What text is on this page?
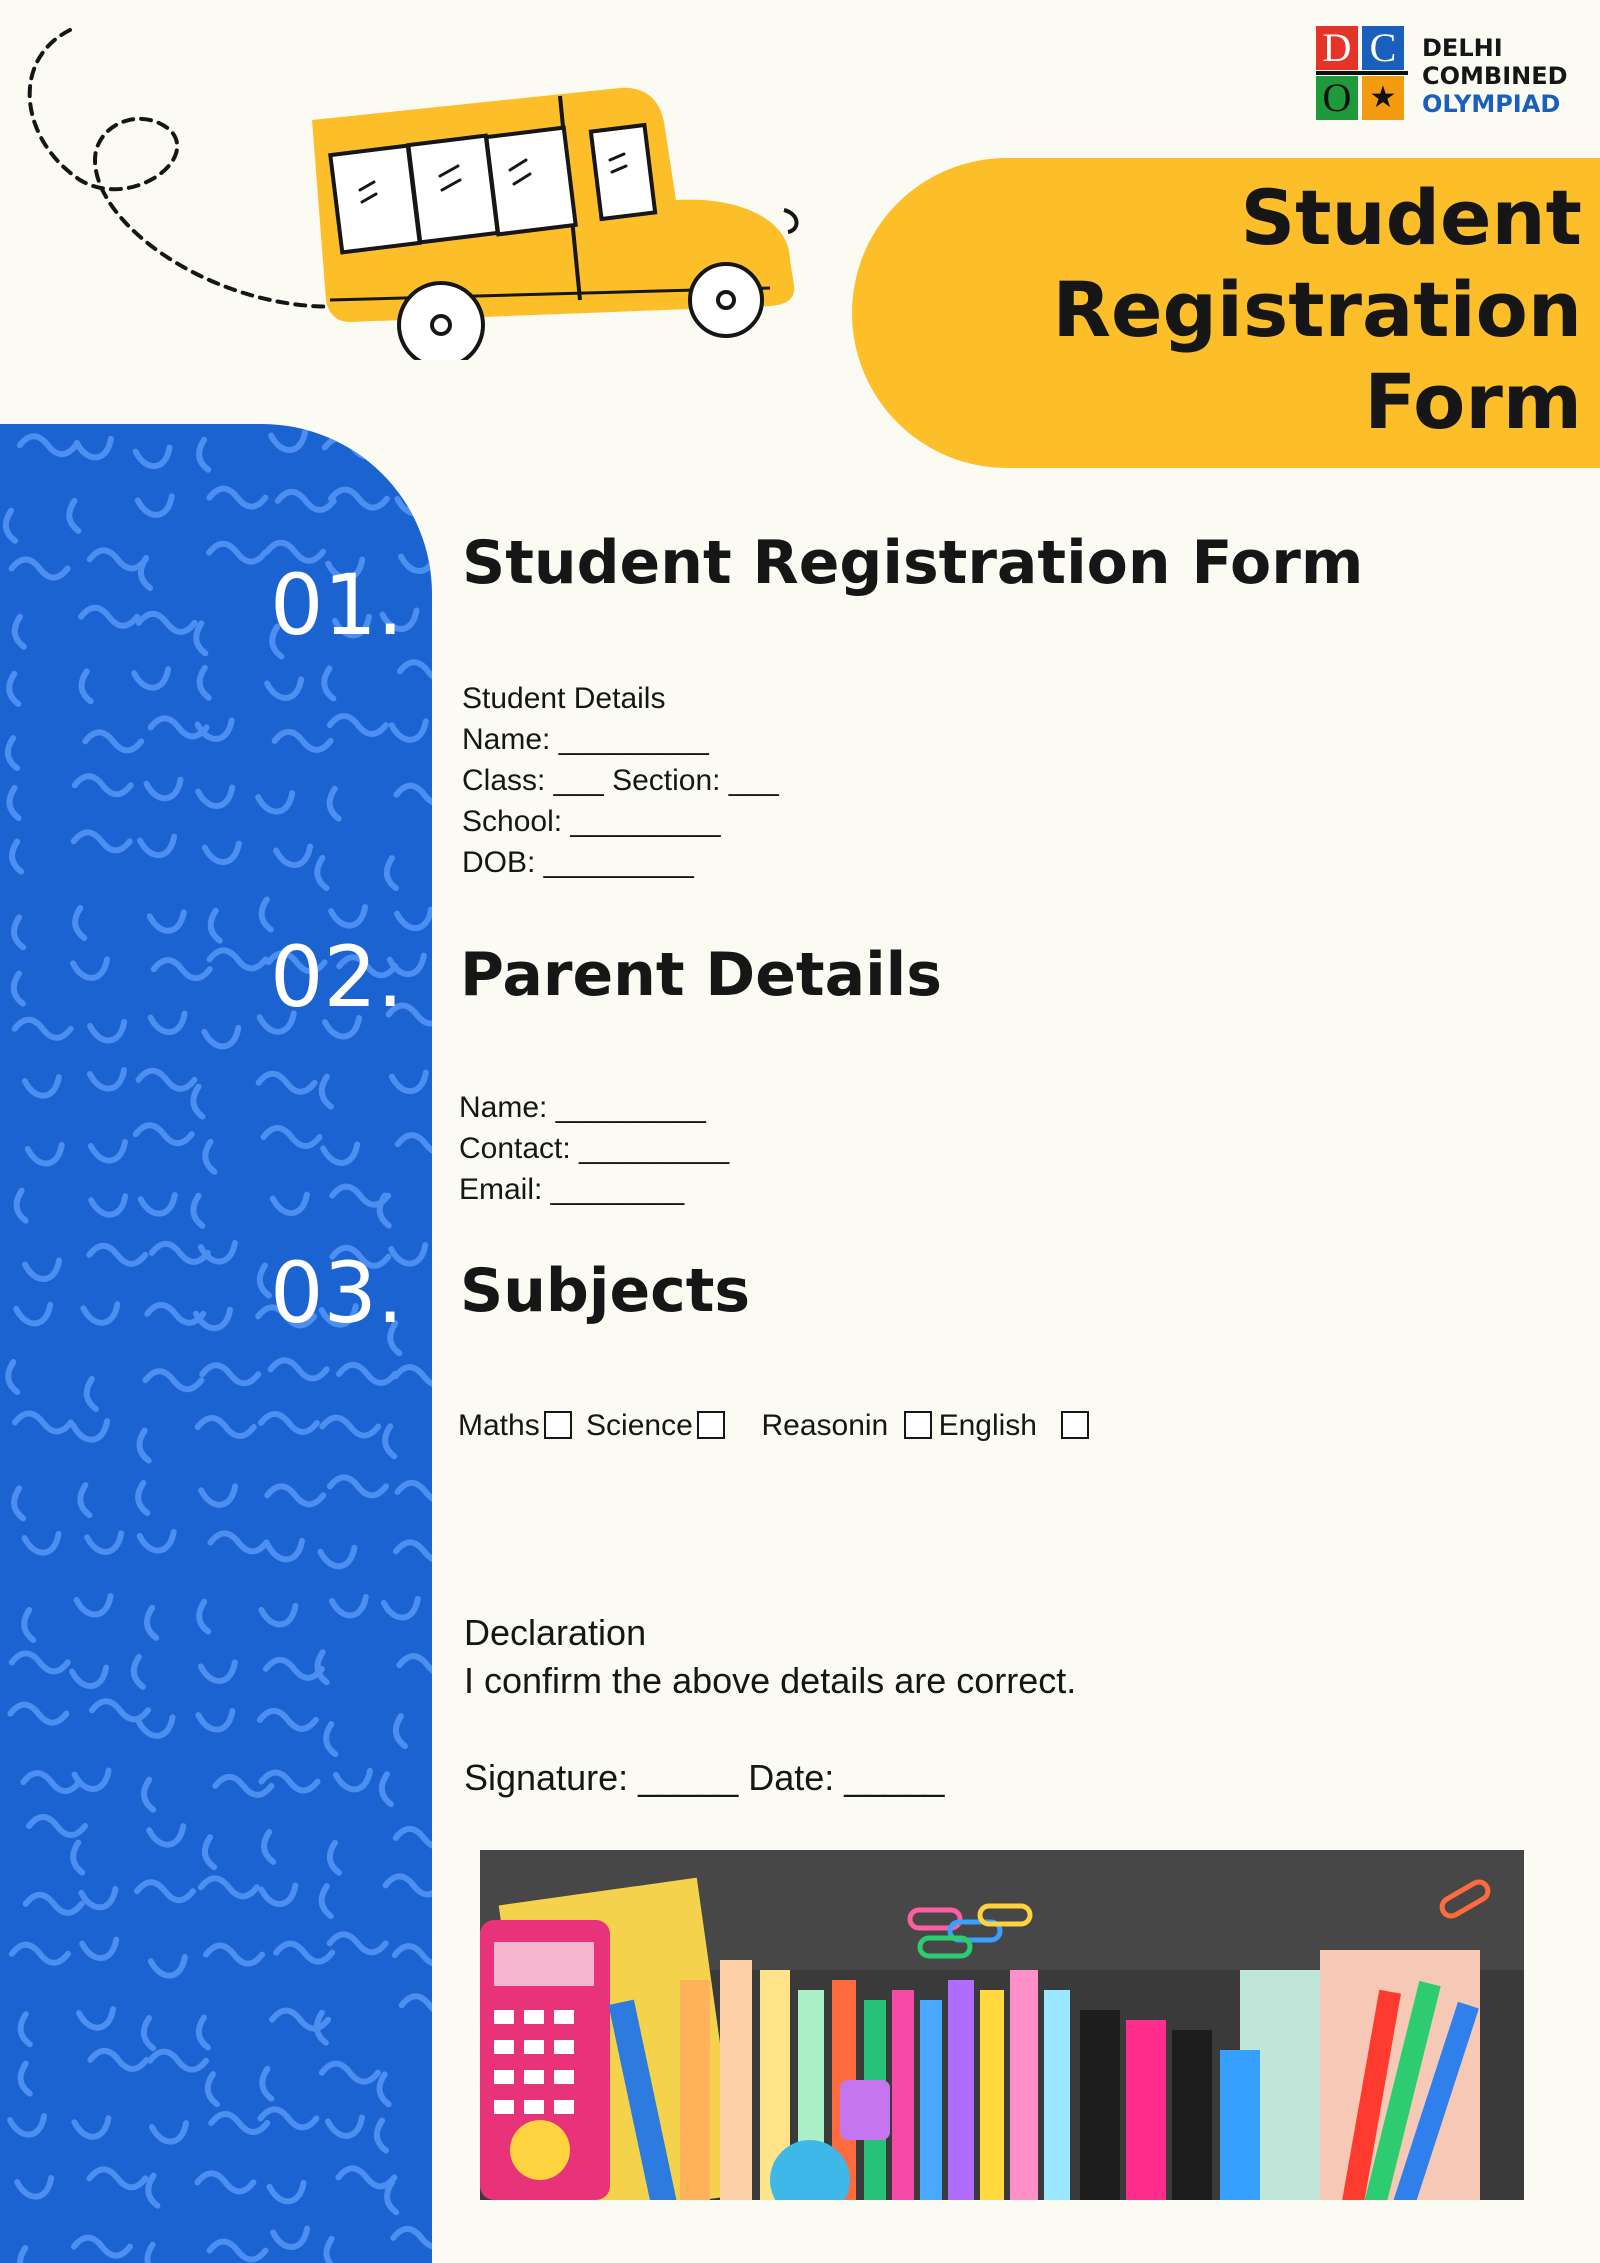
D C
O ★
DELHI
COMBINED
OLYMPIAD
Student
Registration
Form
01.
02.
03.
Student Registration Form
Student Details
Name: _________
Class: ___ Section: ___
School: _________
DOB: _________
Parent Details
Name: _________
Contact: _________
Email: ________
Subjects
Maths Science Reasonin English
Declaration
I confirm the above details are correct.
Signature: _____ Date: _____
